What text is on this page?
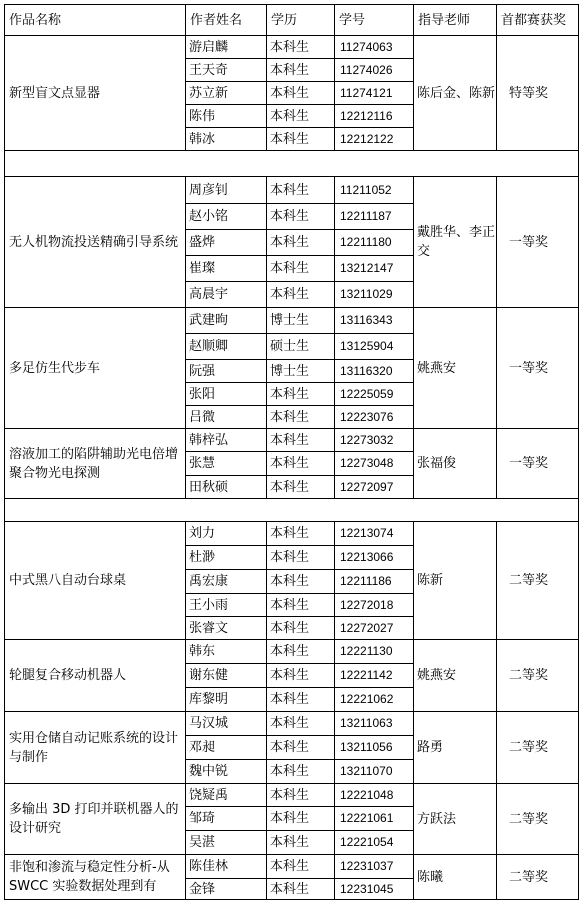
作品名称	作者姓名	学历	学号	指导老师	首都赛获奖
新型盲文点显器	游启麟	本科生	11274063	陈后金、陈新	特等奖
	王天奇	本科生	11274026		
	苏立新	本科生	11274121		
	陈伟	本科生	12212116		
	韩冰	本科生	12212122		

无人机物流投送精确引导系统	周彦钊	本科生	11211052	戴胜华、李正交	一等奖
	赵小铭	本科生	12211187		
	盛烨	本科生	12211180		
	崔璨	本科生	13212147		
	高晨宇	本科生	13211029		
多足仿生代步车	武建昫	博士生	13116343	姚燕安	一等奖
	赵顺卿	硕士生	13125904		
	阮强	博士生	13116320		
	张阳	本科生	12225059		
	吕微	本科生	12223076		
溶液加工的陷阱辅助光电倍增聚合物光电探测	韩梓弘	本科生	12273032	张福俊	一等奖
	张慧	本科生	12273048		
	田秋硕	本科生	12272097		

中式黑八自动台球桌	刘力	本科生	12213074	陈新	二等奖
	杜渺	本科生	12213066		
	禹宏康	本科生	12211186		
	王小雨	本科生	12272018		
	张睿文	本科生	12272027		
轮腿复合移动机器人	韩东	本科生	12221130	姚燕安	二等奖
	谢东健	本科生	12221142		
	库黎明	本科生	12221062		
实用仓储自动记账系统的设计与制作	马汉城	本科生	13211063	路勇	二等奖
	邓昶	本科生	13211056		
	魏中锐	本科生	13211070		
多输出 3D 打印并联机器人的设计研究	饶疑禹	本科生	12221048	方跃法	二等奖
	邹琦	本科生	12221061		
	吴湛	本科生	12221054		
非饱和渗流与稳定性分析-从 SWCC 实验数据处理到有	陈佳林	本科生	12231037	陈曦	二等奖
	金锋	本科生	12231045		
